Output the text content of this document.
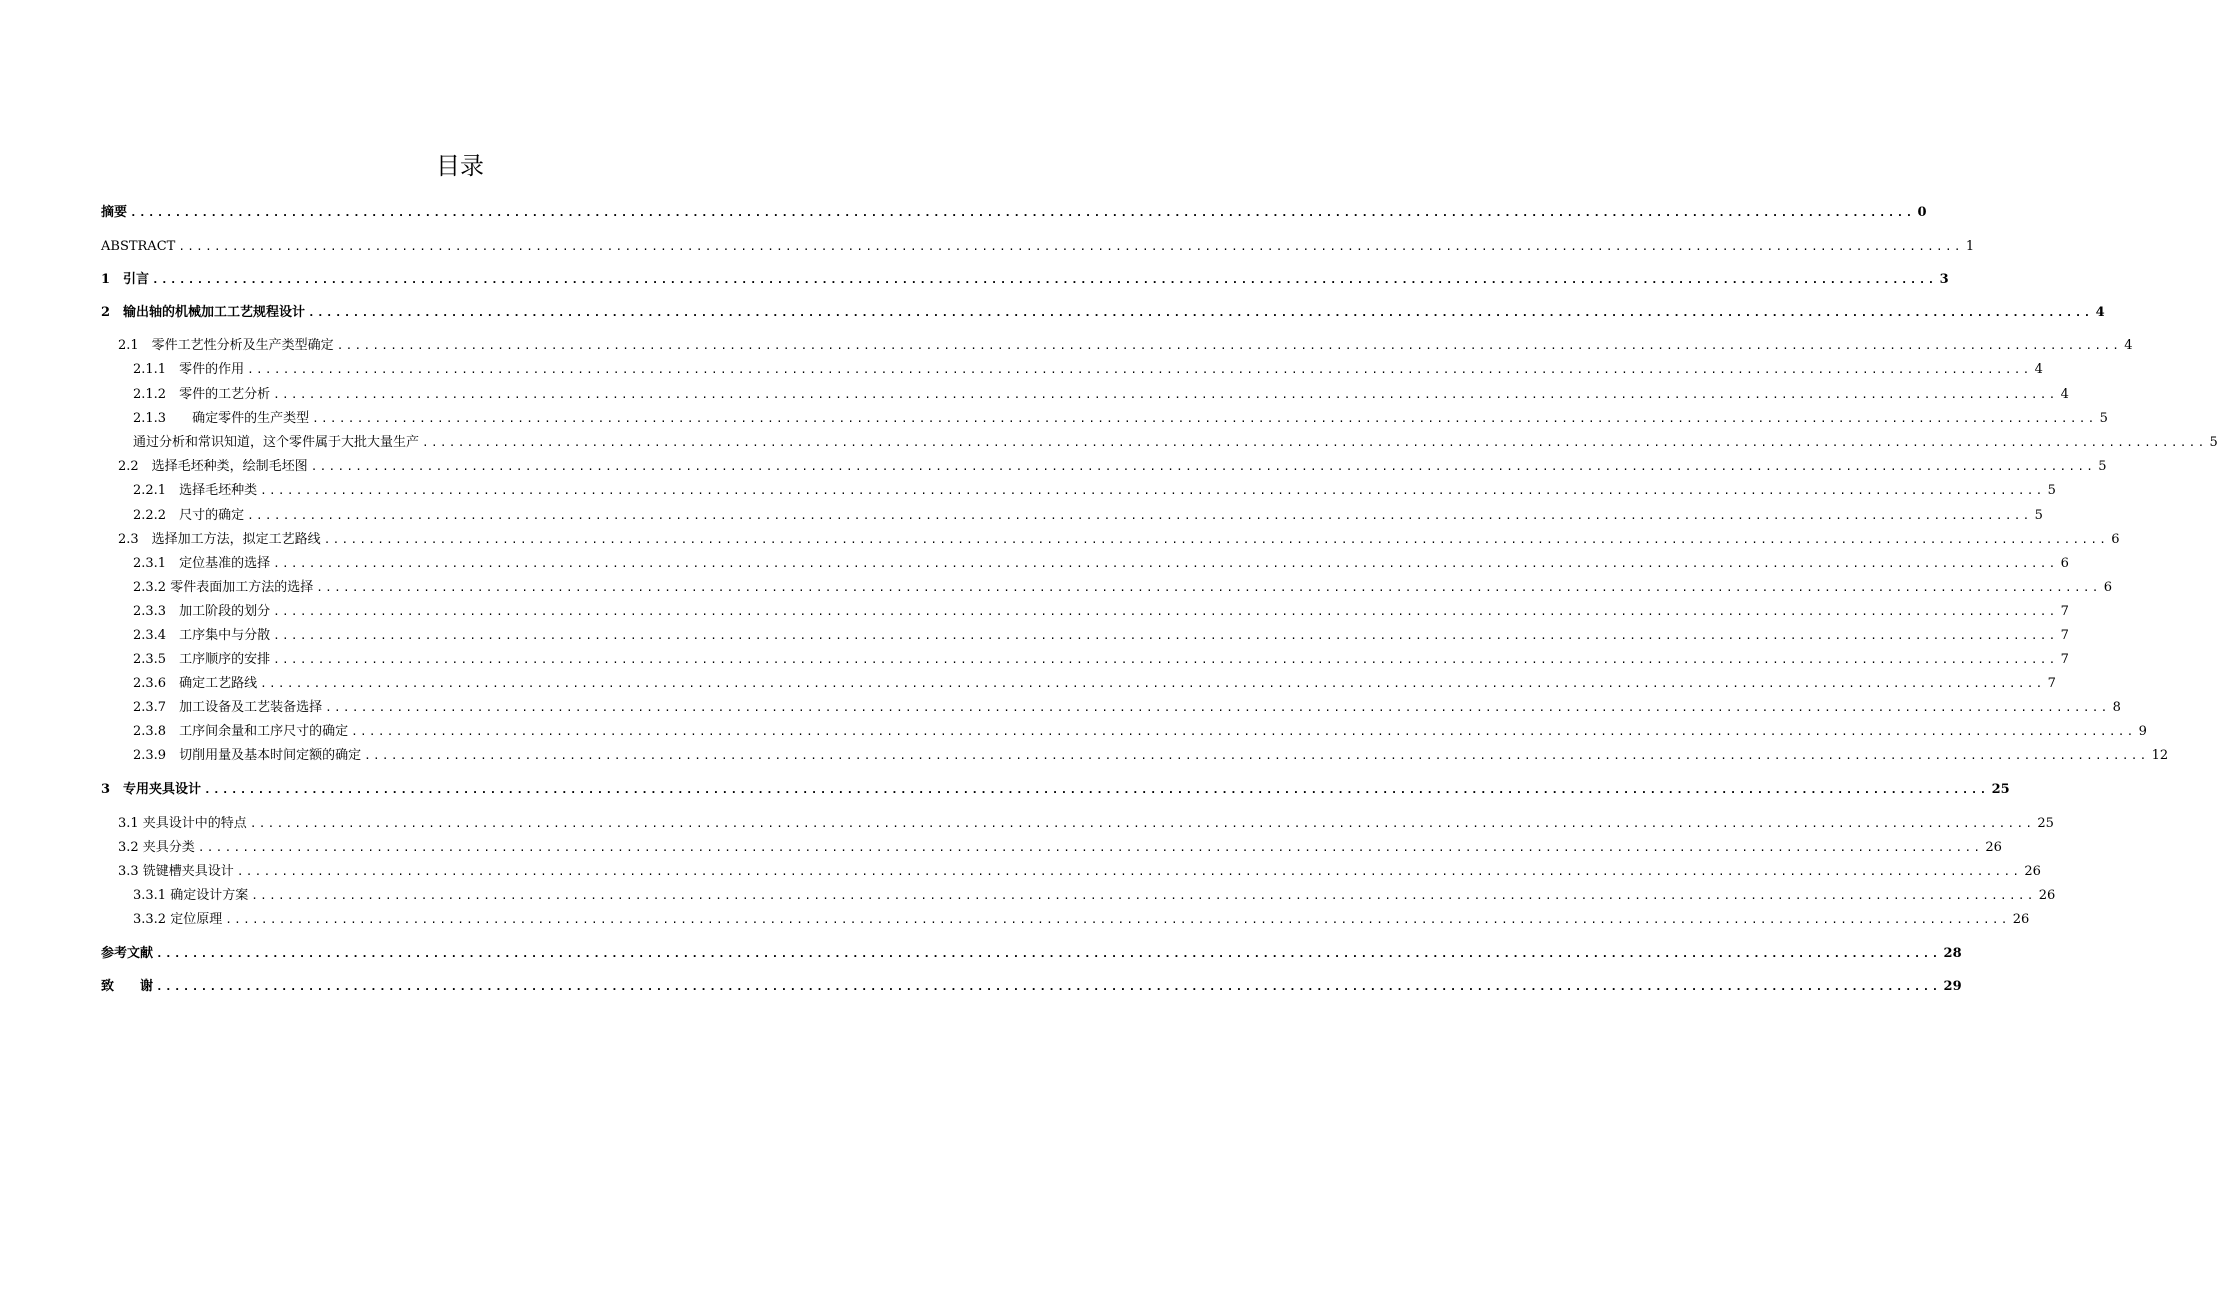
目录
摘要 ........................................................................................................................................................................................................ 0
ABSTRACT ........................................................................................................................................................................................................ 1
1　引言 ........................................................................................................................................................................................................ 3
2　输出轴的机械加工工艺规程设计 ........................................................................................................................................................................................................ 4
2.1　零件工艺性分析及生产类型确定 ........................................................................................................................................................................................................ 4
2.1.1　零件的作用 ........................................................................................................................................................................................................ 4
2.1.2　零件的工艺分析 ........................................................................................................................................................................................................ 4
2.1.3　　确定零件的生产类型 ........................................................................................................................................................................................................ 5
通过分析和常识知道，这个零件属于大批大量生产 ........................................................................................................................................................................................................ 5
2.2　选择毛坯种类，绘制毛坯图 ........................................................................................................................................................................................................ 5
2.2.1　选择毛坯种类 ........................................................................................................................................................................................................ 5
2.2.2　尺寸的确定 ........................................................................................................................................................................................................ 5
2.3　选择加工方法，拟定工艺路线 ........................................................................................................................................................................................................ 6
2.3.1　定位基准的选择 ........................................................................................................................................................................................................ 6
2.3.2 零件表面加工方法的选择 ........................................................................................................................................................................................................ 6
2.3.3　加工阶段的划分 ........................................................................................................................................................................................................ 7
2.3.4　工序集中与分散 ........................................................................................................................................................................................................ 7
2.3.5　工序顺序的安排 ........................................................................................................................................................................................................ 7
2.3.6　确定工艺路线 ........................................................................................................................................................................................................ 7
2.3.7　加工设备及工艺装备选择 ........................................................................................................................................................................................................ 8
2.3.8　工序间余量和工序尺寸的确定 ........................................................................................................................................................................................................ 9
2.3.9　切削用量及基本时间定额的确定 ........................................................................................................................................................................................................ 12
3　专用夹具设计 ........................................................................................................................................................................................................ 25
3.1 夹具设计中的特点 ........................................................................................................................................................................................................ 25
3.2 夹具分类 ........................................................................................................................................................................................................ 26
3.3 铣键槽夹具设计 ........................................................................................................................................................................................................ 26
3.3.1 确定设计方案 ........................................................................................................................................................................................................ 26
3.3.2 定位原理 ........................................................................................................................................................................................................ 26
参考文献 ........................................................................................................................................................................................................ 28
致　　谢 ........................................................................................................................................................................................................ 29
